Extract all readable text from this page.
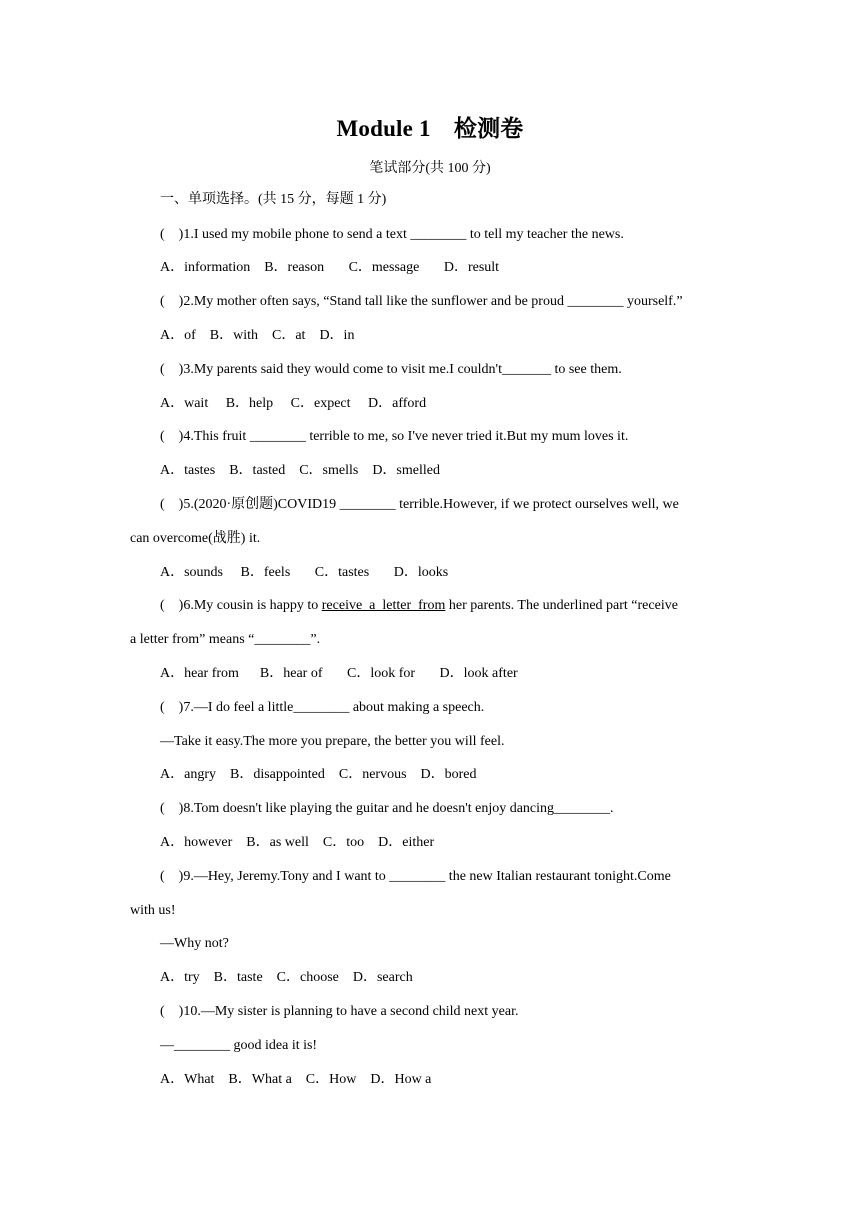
Module 1　检测卷
笔试部分(共 100 分)
一、单项选择。(共 15 分，每题 1 分)
(    )1.I used my mobile phone to send a text ________ to tell my teacher the news.
A．information    B．reason       C．message       D．result
(    )2.My mother often says, “Stand tall like the sunflower and be proud ________ yourself.”
A．of    B．with    C．at    D．in
(    )3.My parents said they would come to visit me.I couldn't_______ to see them.
A．wait     B．help     C．expect     D．afford
(    )4.This fruit ________ terrible to me, so I've never tried it.But my mum loves it.
A．tastes    B．tasted    C．smells    D．smelled
(    )5.(2020·原创题)COVID19 ________ terrible.However, if we protect ourselves well, we
can overcome(战胜) it.
A．sounds     B．feels       C．tastes       D．looks
(    )6.My cousin is happy to receive  a  letter  from her parents. The underlined part “receive
a letter from” means “________”.
A．hear from      B．hear of       C．look for       D．look after
(    )7.—I do feel a little________ about making a speech.
—Take it easy.The more you prepare, the better you will feel.
A．angry    B．disappointed    C．nervous    D．bored
(    )8.Tom doesn't like playing the guitar and he doesn't enjoy dancing________.
A．however    B．as well    C．too    D．either
(    )9.—Hey, Jeremy.Tony and I want to ________ the new Italian restaurant tonight.Come
with us!
—Why not?
A．try    B．taste    C．choose    D．search
(    )10.—My sister is planning to have a second child next year.
—________ good idea it is!
A．What    B．What a    C．How    D．How a
